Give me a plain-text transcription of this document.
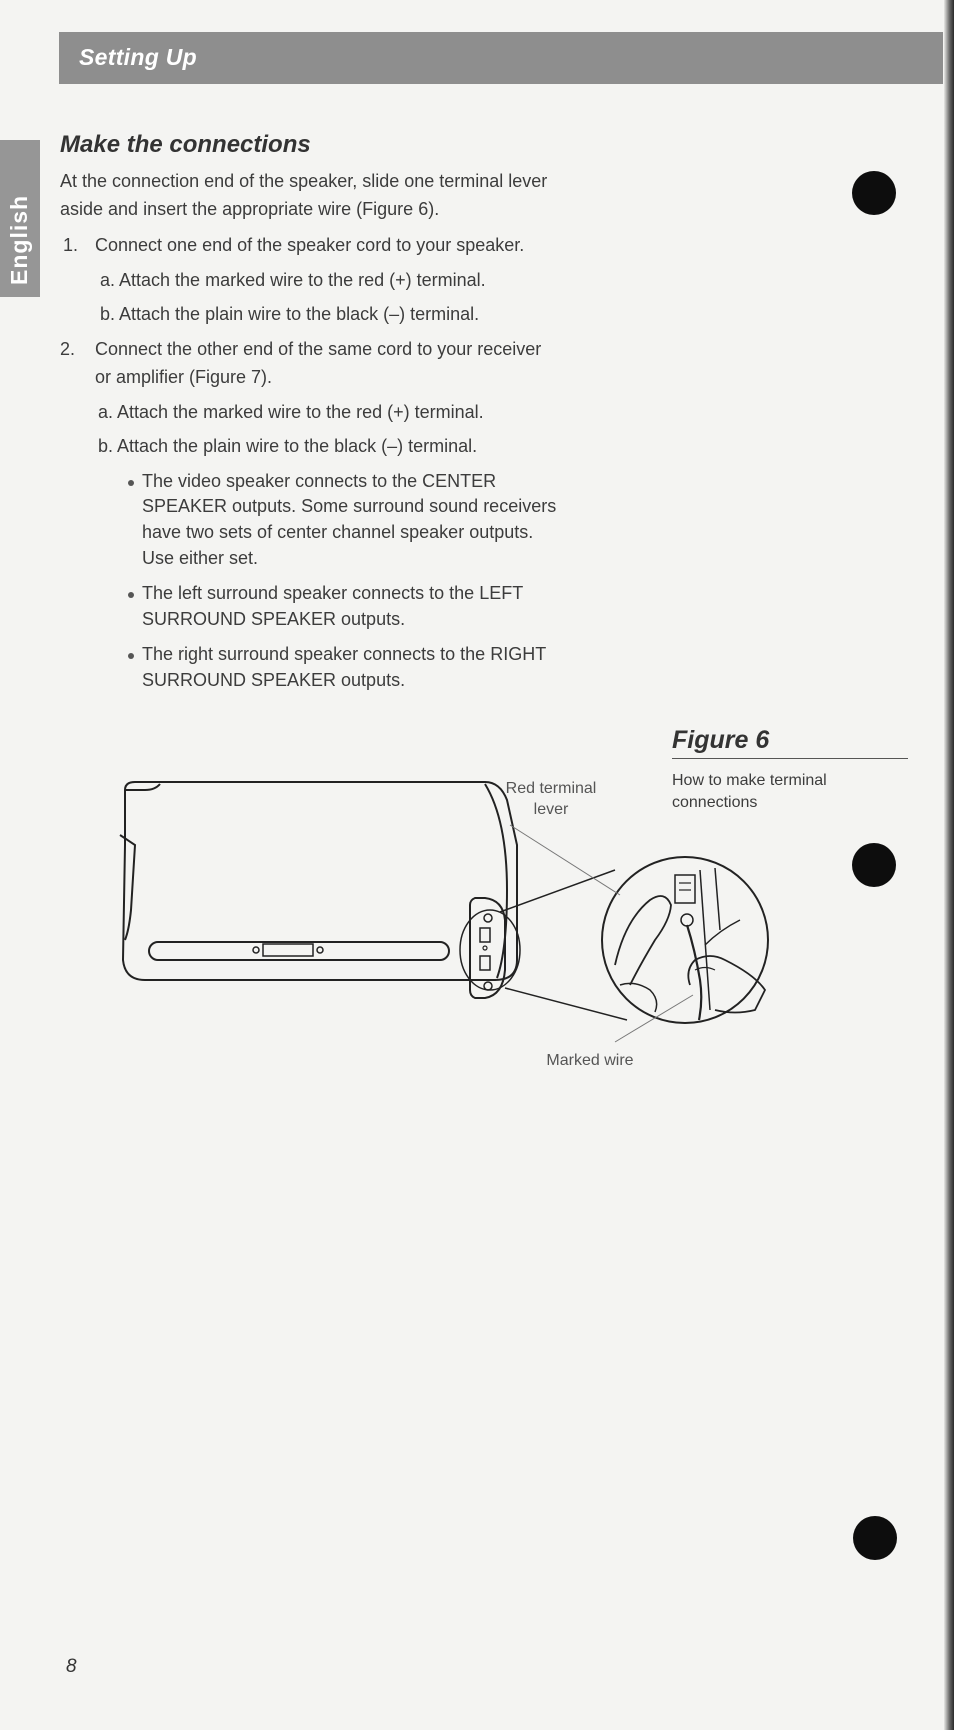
Setting Up
English
Make the connections
At the connection end of the speaker, slide one terminal lever
aside and insert the appropriate wire (Figure 6).
1. Connect one end of the speaker cord to your speaker.
a. Attach the marked wire to the red (+) terminal.
b. Attach the plain wire to the black (–) terminal.
2. Connect the other end of the same cord to your receiver
or amplifier (Figure 7).
a. Attach the marked wire to the red (+) terminal.
b. Attach the plain wire to the black (–) terminal.
The video speaker connects to the CENTER
SPEAKER outputs. Some surround sound receivers
have two sets of center channel speaker outputs.
Use either set.
The left surround speaker connects to the LEFT
SURROUND SPEAKER outputs.
The right surround speaker connects to the RIGHT
SURROUND SPEAKER outputs.
Figure 6
How to make terminal connections
Red terminal
lever
Marked wire
8
